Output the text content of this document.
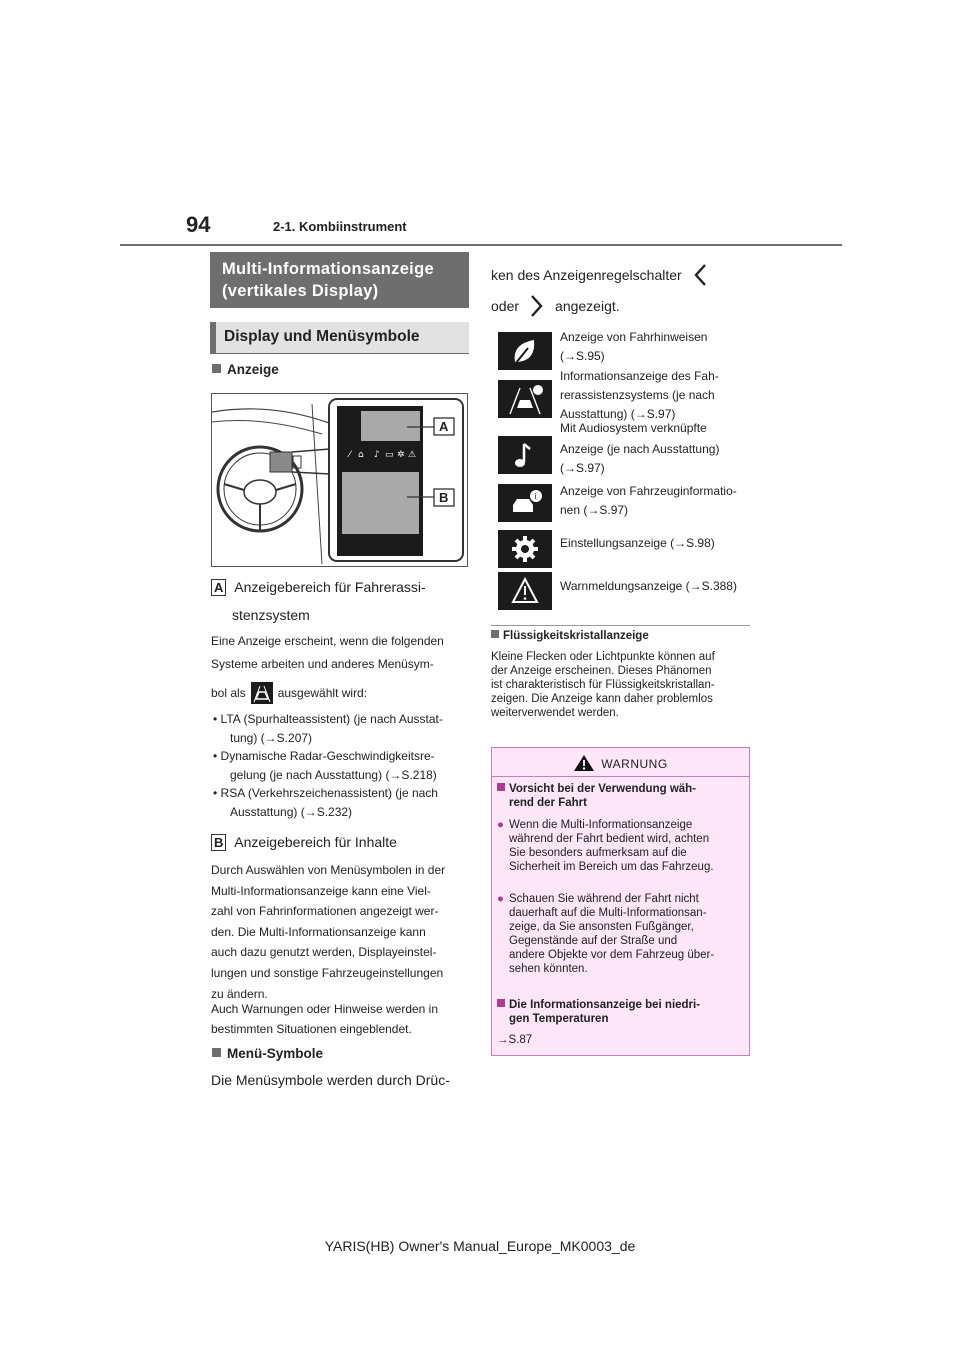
94	2-1. Kombiinstrument
Multi-Informationsanzeige
(vertikales Display)
Display und Menüsymbole
Anzeige
⁄ ⌂ ♪ ▭ ✲ ⚠
A
B
A Anzeigebereich für Fahrerassi-
stenzsystem
Eine Anzeige erscheint, wenn die folgenden
Systeme arbeiten und anderes Menüsym-
bol als	ausgewählt wird:
• LTA (Spurhalteassistent) (je nach Ausstat-
tung) (→S.207)
• Dynamische Radar-Geschwindigkeitsre-
gelung (je nach Ausstattung) (→S.218)
• RSA (Verkehrszeichenassistent) (je nach
Ausstattung) (→S.232)
B Anzeigebereich für Inhalte
Durch Auswählen von Menüsymbolen in der
Multi-Informationsanzeige kann eine Viel-
zahl von Fahrinformationen angezeigt wer-
den. Die Multi-Informationsanzeige kann
auch dazu genutzt werden, Displayeinstel-
lungen und sonstige Fahrzeugeinstellungen
zu ändern.
Auch Warnungen oder Hinweise werden in
bestimmten Situationen eingeblendet.
Menü-Symbole
Die Menüsymbole werden durch Drüc-
ken des Anzeigenregelschalter
oder	angezeigt.
Anzeige von Fahrhinweisen
(→S.95)
Informationsanzeige des Fah-
rerassistenzsystems (je nach
Ausstattung) (→S.97)
Mit Audiosystem verknüpfte
Anzeige (je nach Ausstattung)
(→S.97)
i Anzeige von Fahrzeuginformatio-
nen (→S.97)
Einstellungsanzeige (→S.98)
Warnmeldungsanzeige (→S.388)
Flüssigkeitskristallanzeige
Kleine Flecken oder Lichtpunkte können auf
der Anzeige erscheinen. Dieses Phänomen
ist charakteristisch für Flüssigkeitskristallan-
zeigen. Die Anzeige kann daher problemlos
weiterverwendet werden.
WARNUNG
Vorsicht bei der Verwendung wäh-
rend der Fahrt
● Wenn die Multi-Informationsanzeige
während der Fahrt bedient wird, achten
Sie besonders aufmerksam auf die
Sicherheit im Bereich um das Fahrzeug.
● Schauen Sie während der Fahrt nicht
dauerhaft auf die Multi-Informationsan-
zeige, da Sie ansonsten Fußgänger,
Gegenstände auf der Straße und
andere Objekte vor dem Fahrzeug über-
sehen könnten.
Die Informationsanzeige bei niedri-
gen Temperaturen
→S.87
YARIS(HB) Owner's Manual_Europe_MK0003_de
